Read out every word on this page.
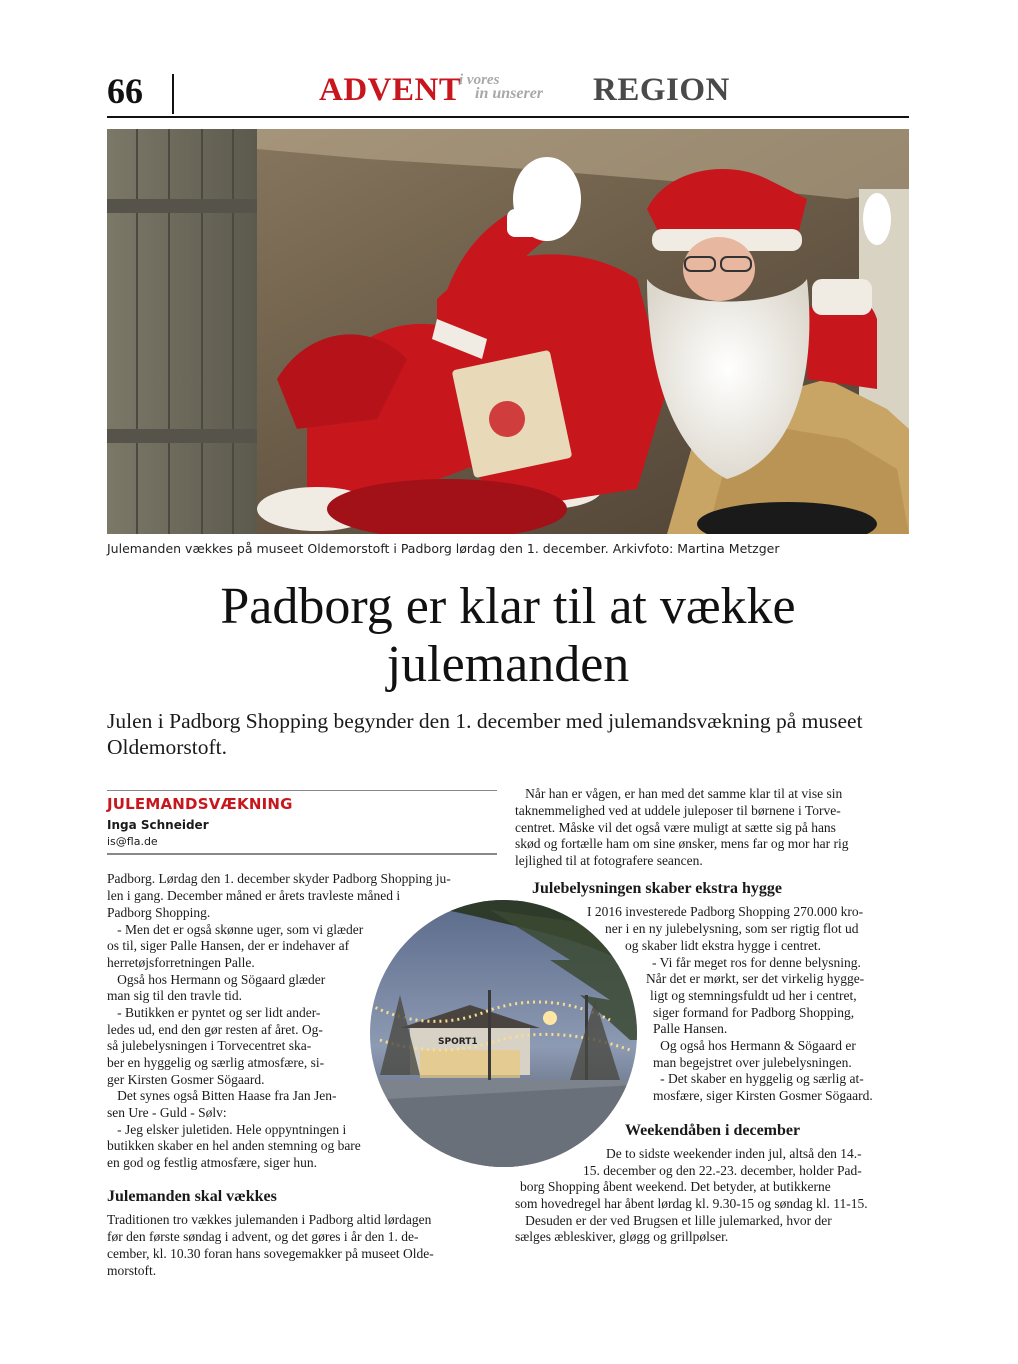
66	ADVENT
i vores
in unserer REGION
Julemanden vækkes på museet Oldemorstoft i Padborg lørdag den 1. december. Arkivfoto: Martina Metzger
Padborg er klar til at vække
julemanden
Julen i Padborg Shopping begynder den 1. december med julemandsvækning på museet Oldemorstoft.
JULEMANDSVÆKNING
Inga Schneider
is@fla.de
Padborg. Lørdag den 1. december skyder Padborg Shopping ju-
len i gang. December måned er årets travleste måned i
Padborg Shopping.
- Men det er også skønne uger, som vi glæder
os til, siger Palle Hansen, der er indehaver af
herretøjsforretningen Palle.
Også hos Hermann og Sögaard glæder
man sig til den travle tid.
- Butikken er pyntet og ser lidt ander-
ledes ud, end den gør resten af året. Og-
så julebelysningen i Torvecentret ska-
ber en hyggelig og særlig atmosfære, si-
ger Kirsten Gosmer Sögaard.
Det synes også Bitten Haase fra Jan Jen-
sen Ure - Guld - Sølv:
- Jeg elsker juletiden. Hele oppyntningen i
butikken skaber en hel anden stemning og bare
en god og festlig atmosfære, siger hun.
Julemanden skal vækkes
Traditionen tro vækkes julemanden i Padborg altid lørdagen
før den første søndag i advent, og det gøres i år den 1. de-
cember, kl. 10.30 foran hans sovegemakker på museet Olde-
morstoft.
Når han er vågen, er han med det samme klar til at vise sin
taknemmelighed ved at uddele juleposer til børnene i Torve-
centret. Måske vil det også være muligt at sætte sig på hans
skød og fortælle ham om sine ønsker, mens far og mor har rig
lejlighed til at fotografere seancen.
Julebelysningen skaber ekstra hygge
I 2016 investerede Padborg Shopping 270.000 kro-
ner i en ny julebelysning, som ser rigtig flot ud
og skaber lidt ekstra hygge i centret.
- Vi får meget ros for denne belysning.
Når det er mørkt, ser det virkelig hygge-
ligt og stemningsfuldt ud her i centret,
siger formand for Padborg Shopping,
Palle Hansen.
Og også hos Hermann & Sögaard er
man begejstret over julebelysningen.
- Det skaber en hyggelig og særlig at-
mosfære, siger Kirsten Gosmer Sögaard.
Weekendåben i december
De to sidste weekender inden jul, altså den 14.-
15. december og den 22.-23. december, holder Pad-
borg Shopping åbent weekend. Det betyder, at butikkerne
som hovedregel har åbent lørdag kl. 9.30-15 og søndag kl. 11-15.
Desuden er der ved Brugsen et lille julemarked, hvor der
sælges æbleskiver, gløgg og grillpølser.
SPORT1
